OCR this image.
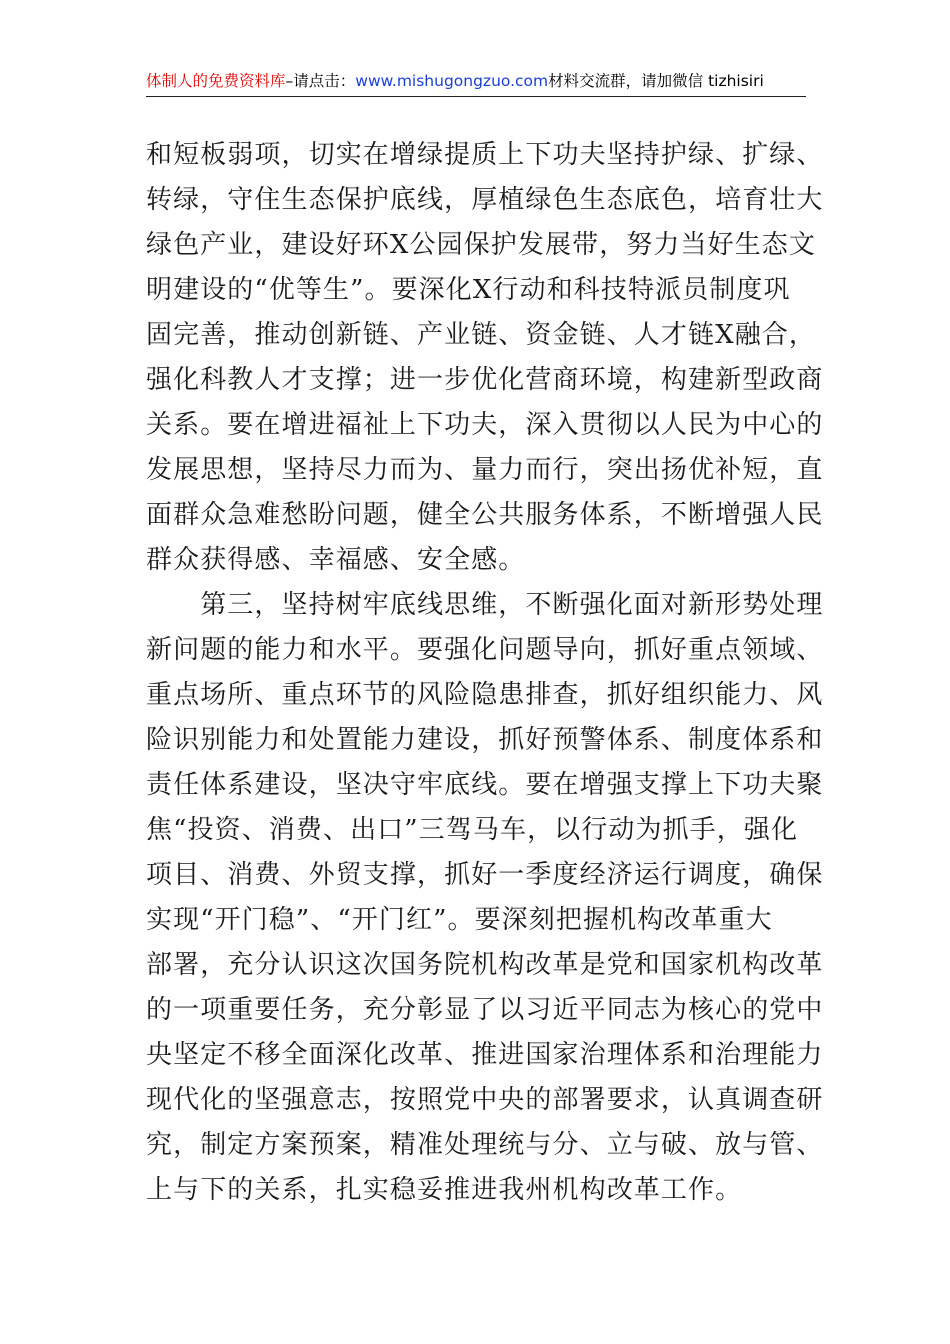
体制人的免费资料库–请点击：www.mishugongzuo.com材料交流群，请加微信 tizhisiri
和短板弱项，切实在增绿提质上下功夫坚持护绿、扩绿、
转绿，守住生态保护底线，厚植绿色生态底色，培育壮大
绿色产业，建设好环X公园保护发展带，努力当好生态文
明建设的“优等生”。要深化X行动和科技特派员制度巩
固完善，推动创新链、产业链、资金链、人才链X融合，
强化科教人才支撑；进一步优化营商环境，构建新型政商
关系。要在增进福祉上下功夫，深入贯彻以人民为中心的
发展思想，坚持尽力而为、量力而行，突出扬优补短，直
面群众急难愁盼问题，健全公共服务体系，不断增强人民
群众获得感、幸福感、安全感。
　　第三，坚持树牢底线思维，不断强化面对新形势处理
新问题的能力和水平。要强化问题导向，抓好重点领域、
重点场所、重点环节的风险隐患排查，抓好组织能力、风
险识别能力和处置能力建设，抓好预警体系、制度体系和
责任体系建设，坚决守牢底线。要在增强支撑上下功夫聚
焦“投资、消费、出口”三驾马车，以行动为抓手，强化
项目、消费、外贸支撑，抓好一季度经济运行调度，确保
实现“开门稳”、“开门红”。要深刻把握机构改革重大
部署，充分认识这次国务院机构改革是党和国家机构改革
的一项重要任务，充分彰显了以习近平同志为核心的党中
央坚定不移全面深化改革、推进国家治理体系和治理能力
现代化的坚强意志，按照党中央的部署要求，认真调查研
究，制定方案预案，精准处理统与分、立与破、放与管、
上与下的关系，扎实稳妥推进我州机构改革工作。
